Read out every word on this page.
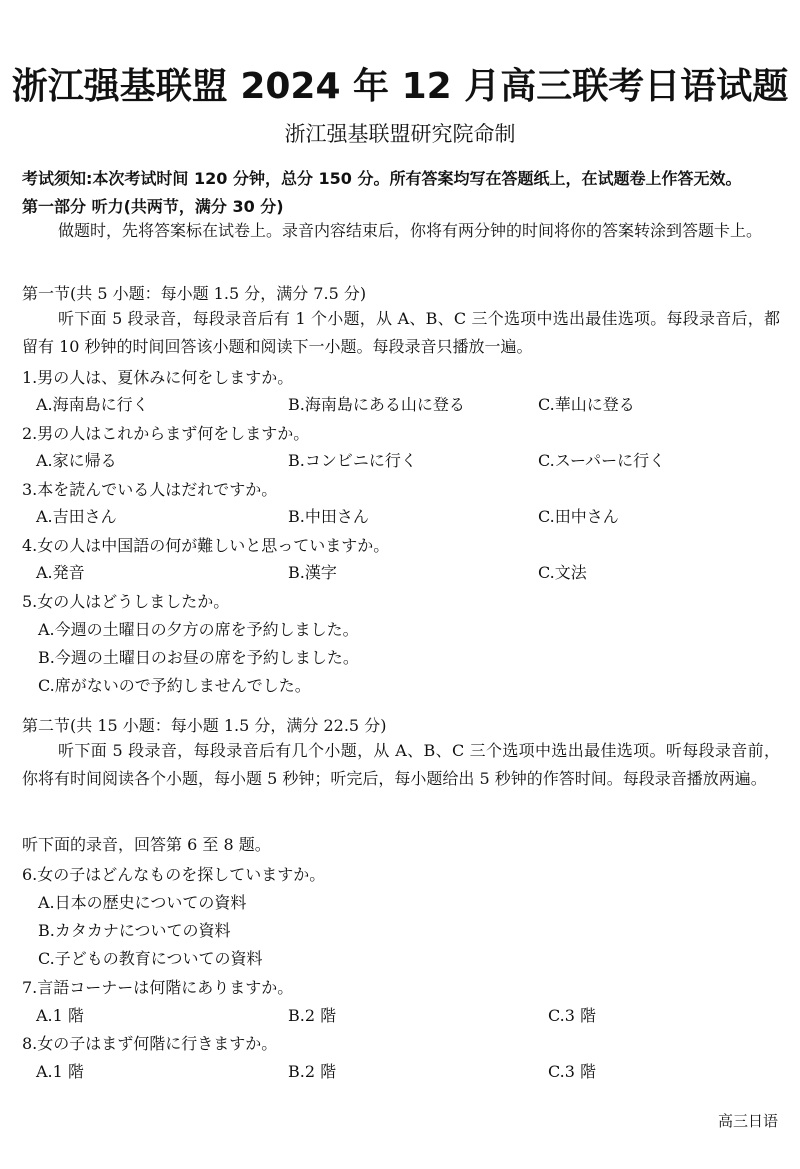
浙江强基联盟 2024 年 12 月高三联考日语试题
浙江强基联盟研究院命制
考试须知:本次考试时间 120 分钟，总分 150 分。所有答案均写在答题纸上，在试题卷上作答无效。
第一部分 听力(共两节，满分 30 分)
做题时，先将答案标在试卷上。录音内容结束后，你将有两分钟的时间将你的答案转涂到答题卡上。
第一节(共 5 小题：每小题 1.5 分，满分 7.5 分)
听下面 5 段录音，每段录音后有 1 个小题，从 A、B、C 三个选项中选出最佳选项。每段录音后，都留有 10 秒钟的时间回答该小题和阅读下一小题。每段录音只播放一遍。
1.男の人は、夏休みに何をしますか。
A.海南島に行く	B.海南島にある山に登る	C.華山に登る
2.男の人はこれからまず何をしますか。
A.家に帰る	B.コンビニに行く	C.スーパーに行く
3.本を読んでいる人はだれですか。
A.吉田さん	B.中田さん	C.田中さん
4.女の人は中国語の何が難しいと思っていますか。
A.発音	B.漢字	C.文法
5.女の人はどうしましたか。
A.今週の土曜日の夕方の席を予約しました。
B.今週の土曜日のお昼の席を予約しました。
C.席がないので予約しませんでした。
第二节(共 15 小题：每小题 1.5 分，满分 22.5 分)
听下面 5 段录音，每段录音后有几个小题，从 A、B、C 三个选项中选出最佳选项。听每段录音前，你将有时间阅读各个小题，每小题 5 秒钟；听完后，每小题给出 5 秒钟的作答时间。每段录音播放两遍。
听下面的录音，回答第 6 至 8 题。
6.女の子はどんなものを探していますか。
A.日本の歴史についての資料
B.カタカナについての資料
C.子どもの教育についての資料
7.言語コーナーは何階にありますか。
A.1 階	B.2 階	C.3 階
8.女の子はまず何階に行きますか。
A.1 階	B.2 階	C.3 階
高三日语
